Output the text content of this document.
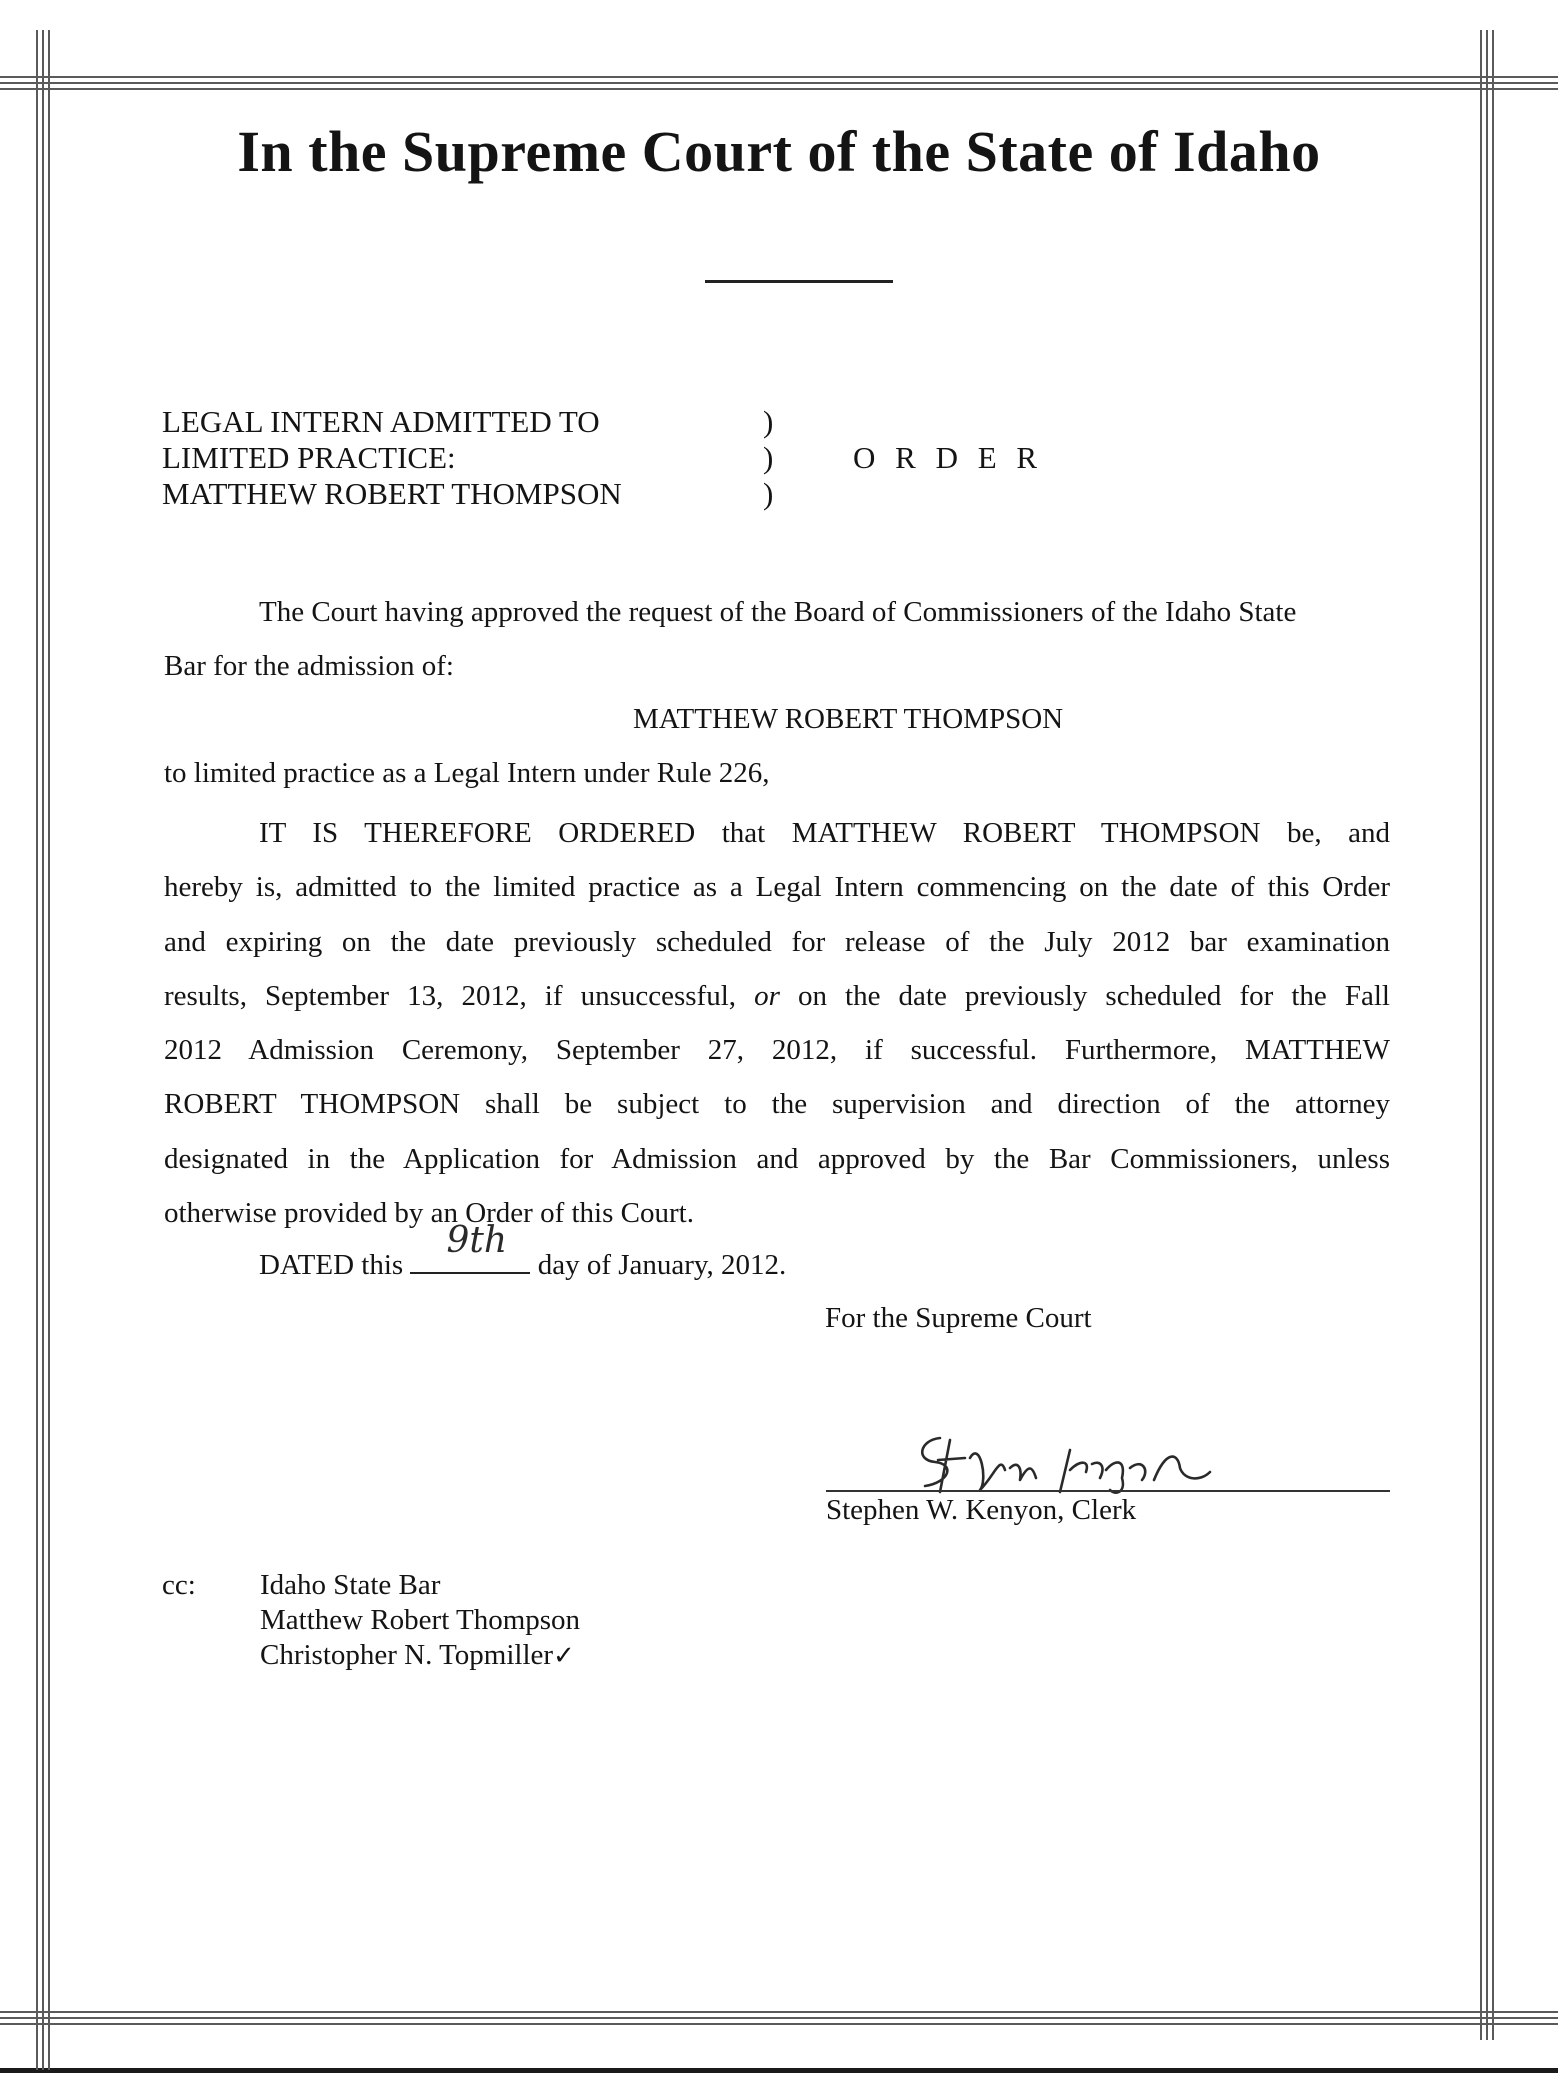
In the Supreme Court of the State of Idaho
LEGAL INTERN ADMITTED TO
LIMITED PRACTICE:
MATTHEW ROBERT THOMPSON
)
)
)
O R D E R
The Court having approved the request of the Board of Commissioners of the Idaho State
Bar for the admission of:
MATTHEW ROBERT THOMPSON
to limited practice as a Legal Intern under Rule 226,
IT IS THEREFORE ORDERED that MATTHEW ROBERT THOMPSON be, and
hereby is, admitted to the limited practice as a Legal Intern commencing on the date of this Order
and expiring on the date previously scheduled for release of the July 2012 bar examination
results, September 13, 2012, if unsuccessful, or on the date previously scheduled for the Fall
2012 Admission Ceremony, September 27, 2012, if successful. Furthermore, MATTHEW
ROBERT THOMPSON shall be subject to the supervision and direction of the attorney
designated in the Application for Admission and approved by the Bar Commissioners, unless
otherwise provided by an Order of this Court.
DATED this
9th
day of January, 2012.
For the Supreme Court
Stephen W. Kenyon, Clerk
cc: Idaho State Bar
Matthew Robert Thompson
Christopher N. Topmiller✓
